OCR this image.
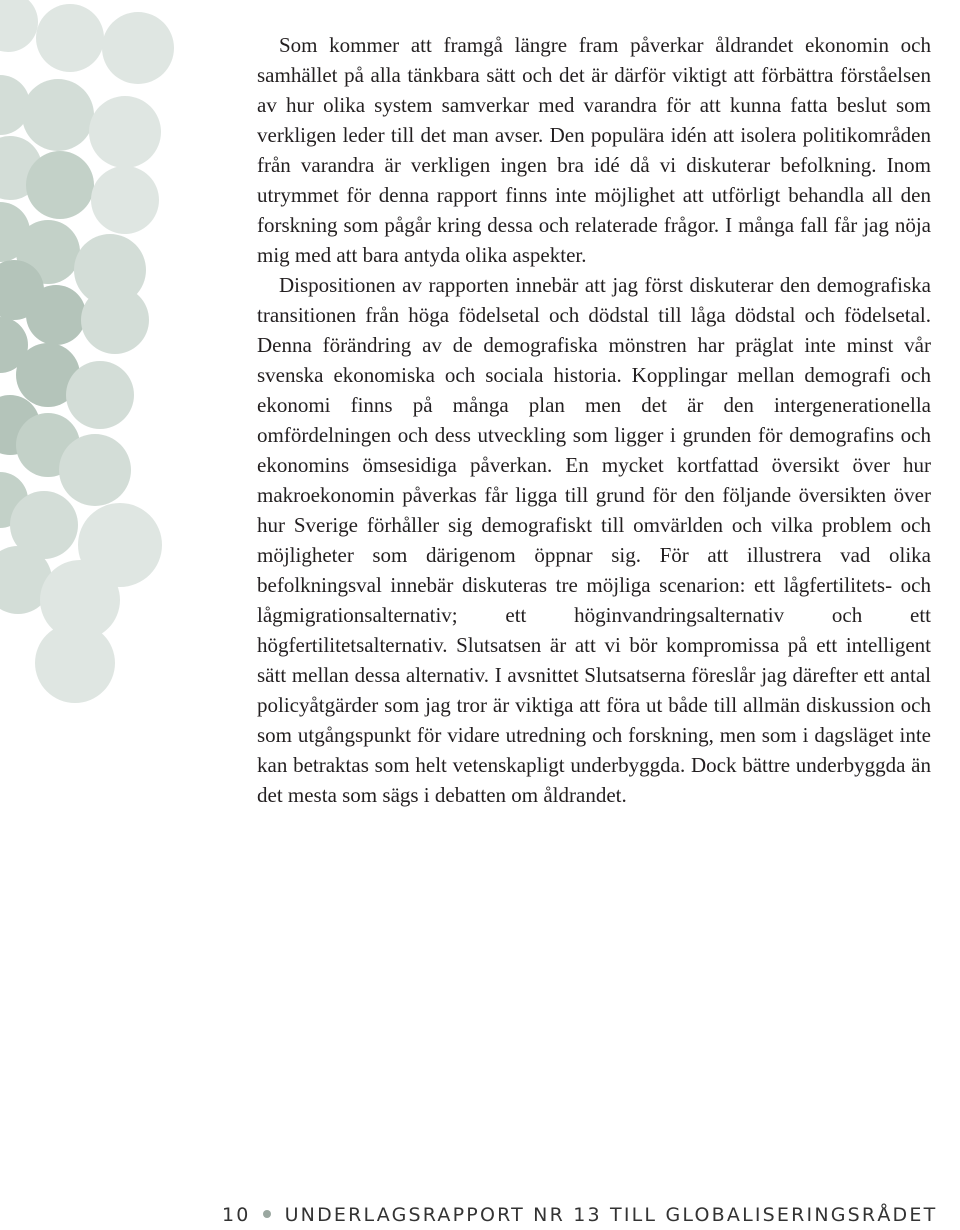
Som kommer att framgå längre fram påverkar åldrandet ekonomin och samhället på alla tänkbara sätt och det är därför viktigt att förbättra förståelsen av hur olika system samverkar med varandra för att kunna fatta beslut som verkligen leder till det man avser. Den populära idén att isolera politikområden från varandra är verkligen ingen bra idé då vi diskuterar befolkning. Inom utrymmet för denna rapport finns inte möjlighet att utförligt behandla all den forskning som pågår kring dessa och relaterade frågor. I många fall får jag nöja mig med att bara antyda olika aspekter.

Dispositionen av rapporten innebär att jag först diskuterar den demografiska transitionen från höga födelsetal och dödstal till låga dödstal och födelsetal. Denna förändring av de demografiska mönstren har präglat inte minst vår svenska ekonomiska och sociala historia. Kopplingar mellan demografi och ekonomi finns på många plan men det är den intergenerationella omfördelningen och dess utveckling som ligger i grunden för demografins och ekonomins ömsesidiga påverkan. En mycket kortfattad översikt över hur makroekonomin påverkas får ligga till grund för den följande översikten över hur Sverige förhåller sig demografiskt till omvärlden och vilka problem och möjligheter som därigenom öppnar sig. För att illustrera vad olika befolkningsval innebär diskuteras tre möjliga scenarion: ett lågfertilitets- och lågmigrationsalternativ; ett höginvandringsalternativ och ett högfertilitetsalternativ. Slutsatsen är att vi bör kompromissa på ett intelligent sätt mellan dessa alternativ. I avsnittet Slutsatserna föreslår jag därefter ett antal policyåtgärder som jag tror är viktiga att föra ut både till allmän diskussion och som utgångspunkt för vidare utredning och forskning, men som i dagsläget inte kan betraktas som helt vetenskapligt underbyggda. Dock bättre underbyggda än det mesta som sägs i debatten om åldrandet.

10 UNDERLAGSRAPPORT NR 13 TILL GLOBALISERINGSRÅDET
